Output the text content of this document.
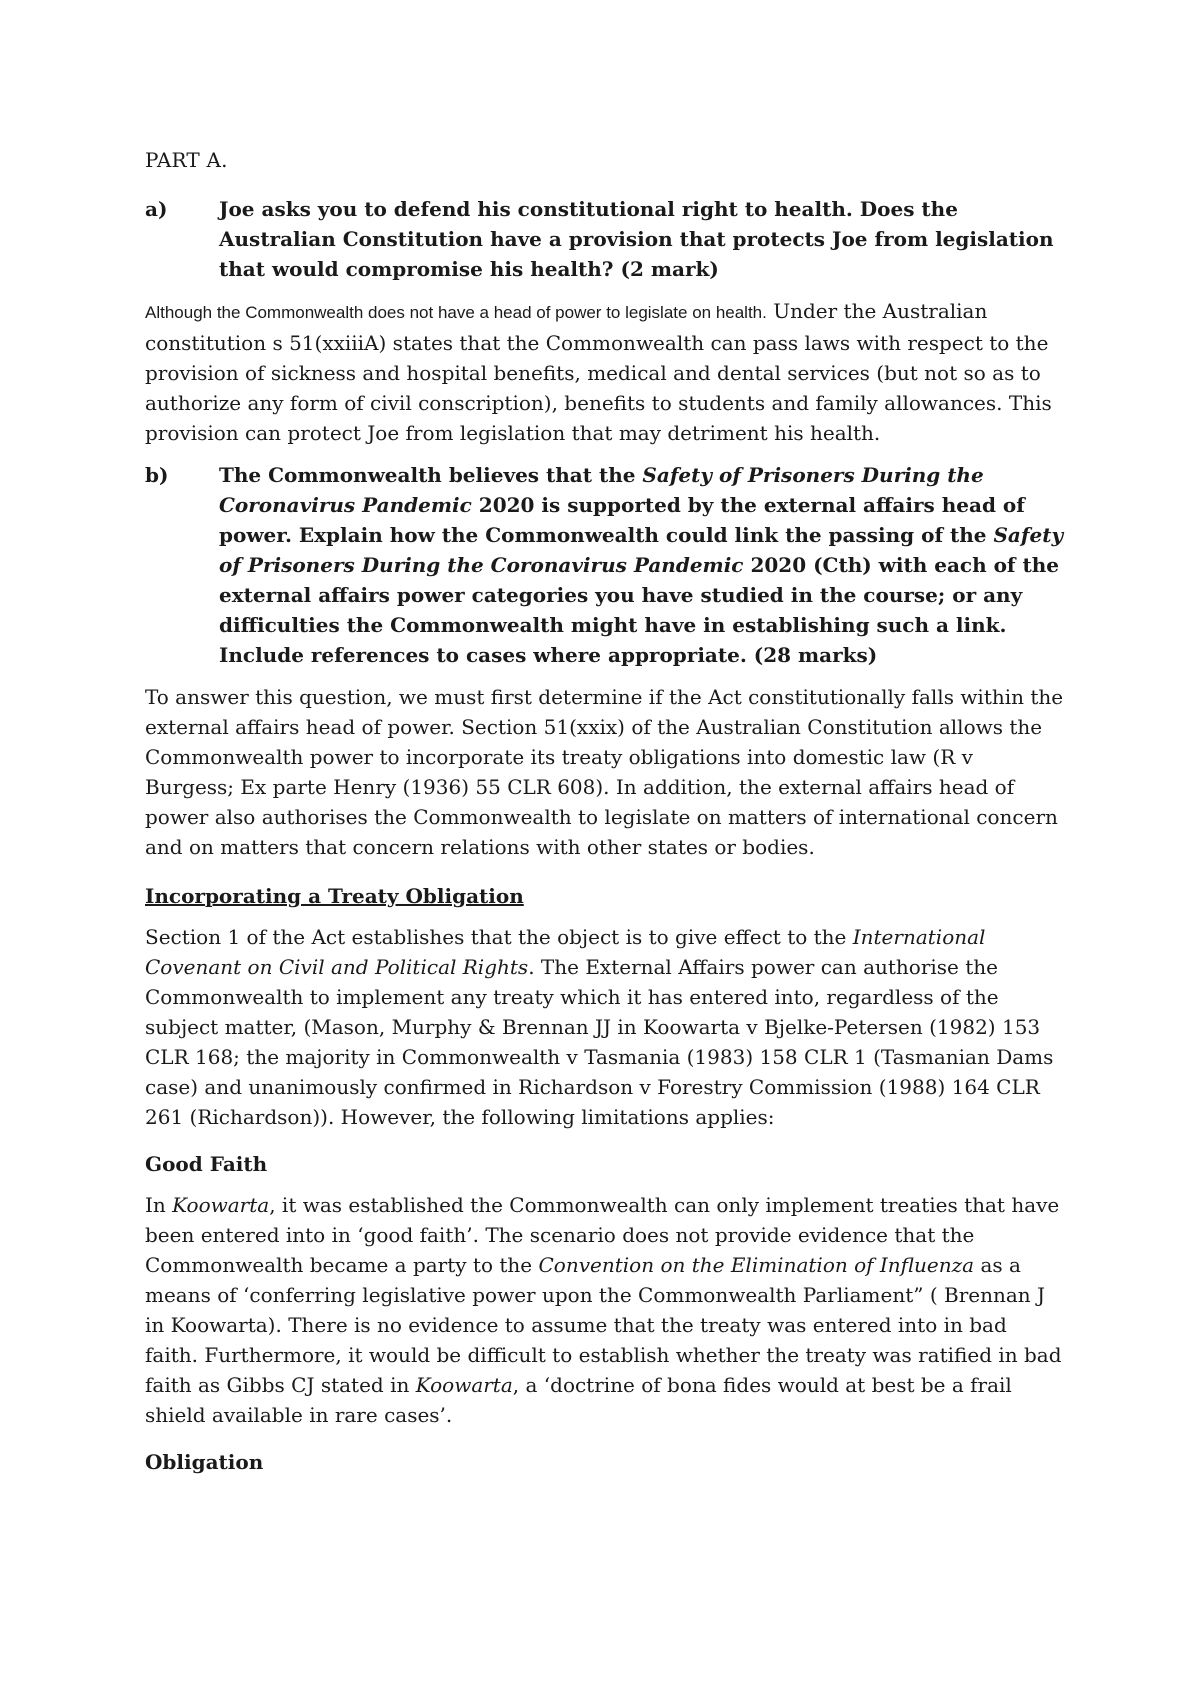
PART A.
a)	Joe asks you to defend his constitutional right to health. Does the Australian Constitution have a provision that protects Joe from legislation that would compromise his health? (2 mark)

Although the Commonwealth does not have a head of power to legislate on health. Under the Australian constitution s 51(xxiiiA) states that the Commonwealth can pass laws with respect to the provision of sickness and hospital benefits, medical and dental services (but not so as to authorize any form of civil conscription), benefits to students and family allowances. This provision can protect Joe from legislation that may detriment his health.

b)	The Commonwealth believes that the Safety of Prisoners During the Coronavirus Pandemic 2020 is supported by the external affairs head of power. Explain how the Commonwealth could link the passing of the Safety of Prisoners During the Coronavirus Pandemic 2020 (Cth) with each of the external affairs power categories you have studied in the course; or any difficulties the Commonwealth might have in establishing such a link. Include references to cases where appropriate. (28 marks)

To answer this question, we must first determine if the Act constitutionally falls within the external affairs head of power. Section 51(xxix) of the Australian Constitution allows the Commonwealth power to incorporate its treaty obligations into domestic law (R v Burgess; Ex parte Henry (1936) 55 CLR 608). In addition, the external affairs head of power also authorises the Commonwealth to legislate on matters of international concern and on matters that concern relations with other states or bodies.

Incorporating a Treaty Obligation

Section 1 of the Act establishes that the object is to give effect to the International Covenant on Civil and Political Rights. The External Affairs power can authorise the Commonwealth to implement any treaty which it has entered into, regardless of the subject matter, (Mason, Murphy & Brennan JJ in Koowarta v Bjelke-Petersen (1982) 153 CLR 168; the majority in Commonwealth v Tasmania (1983) 158 CLR 1 (Tasmanian Dams case) and unanimously confirmed in Richardson v Forestry Commission (1988) 164 CLR 261 (Richardson)). However, the following limitations applies:

Good Faith

In Koowarta, it was established the Commonwealth can only implement treaties that have been entered into in ‘good faith’. The scenario does not provide evidence that the Commonwealth became a party to the Convention on the Elimination of Influenza as a means of ‘conferring legislative power upon the Commonwealth Parliament” ( Brennan J in Koowarta). There is no evidence to assume that the treaty was entered into in bad faith. Furthermore, it would be difficult to establish whether the treaty was ratified in bad faith as Gibbs CJ stated in Koowarta, a ‘doctrine of bona fides would at best be a frail shield available in rare cases’.

Obligation
